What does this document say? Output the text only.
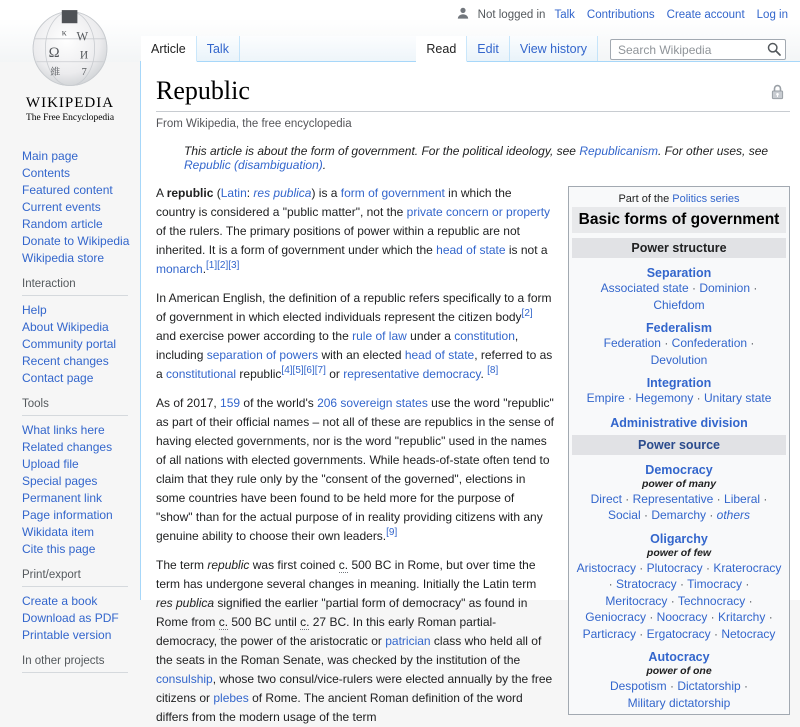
Not logged in Talk Contributions Create account Log in
Ω
W
И
7
維
κ
WIKIPEDIA
The Free Encyclopedia
Main page
Contents
Featured content
Current events
Random article
Donate to Wikipedia
Wikipedia store
Interaction
Help
About Wikipedia
Community portal
Recent changes
Contact page
Tools
What links here
Related changes
Upload file
Special pages
Permanent link
Page information
Wikidata item
Cite this page
Print/export
Create a book
Download as PDF
Printable version
In other projects
Article	Talk	Read	Edit	View history
Search Wikipedia
Republic
From Wikipedia, the free encyclopedia
This article is about the form of government. For the political ideology, see Republicanism. For other uses, see Republic (disambiguation).
Part of the Politics series
Basic forms of government
Power structure
Separation
Associated state · Dominion · Chiefdom
Federalism
Federation · Confederation · Devolution
Integration
Empire · Hegemony · Unitary state
Administrative division
Power source
Democracy
power of many
Direct · Representative · Liberal · Social · Demarchy · others
Oligarchy
power of few
Aristocracy · Plutocracy · Kraterocracy · Stratocracy · Timocracy · Meritocracy · Technocracy · Geniocracy · Noocracy · Kritarchy · Particracy · Ergatocracy · Netocracy
Autocracy
power of one
Despotism · Dictatorship · Military dictatorship

A republic (Latin: res publica) is a form of government in which the country is considered a "public matter", not the private concern or property of the rulers. The primary positions of power within a republic are not inherited. It is a form of government under which the head of state is not a monarch.[1][2][3]

In American English, the definition of a republic refers specifically to a form of government in which elected individuals represent the citizen body[2] and exercise power according to the rule of law under a constitution, including separation of powers with an elected head of state, referred to as a constitutional republic[4][5][6][7] or representative democracy. [8]

As of 2017, 159 of the world's 206 sovereign states use the word "republic" as part of their official names – not all of these are republics in the sense of having elected governments, nor is the word "republic" used in the names of all nations with elected governments. While heads-of-state often tend to claim that they rule only by the "consent of the governed", elections in some countries have been found to be held more for the purpose of "show" than for the actual purpose of in reality providing citizens with any genuine ability to choose their own leaders.[9]

The term republic was first coined c. 500 BC in Rome, but over time the term has undergone several changes in meaning. Initially the Latin term res publica signified the earlier "partial form of democracy" as found in Rome from c. 500 BC until c. 27 BC. In this early Roman partial-democracy, the power of the aristocratic or patrician class who held all of the seats in the Roman Senate, was checked by the institution of the consulship, whose two consul/vice-rulers were elected annually by the free citizens or plebes of Rome. The ancient Roman definition of the word differs from the modern usage of the term
